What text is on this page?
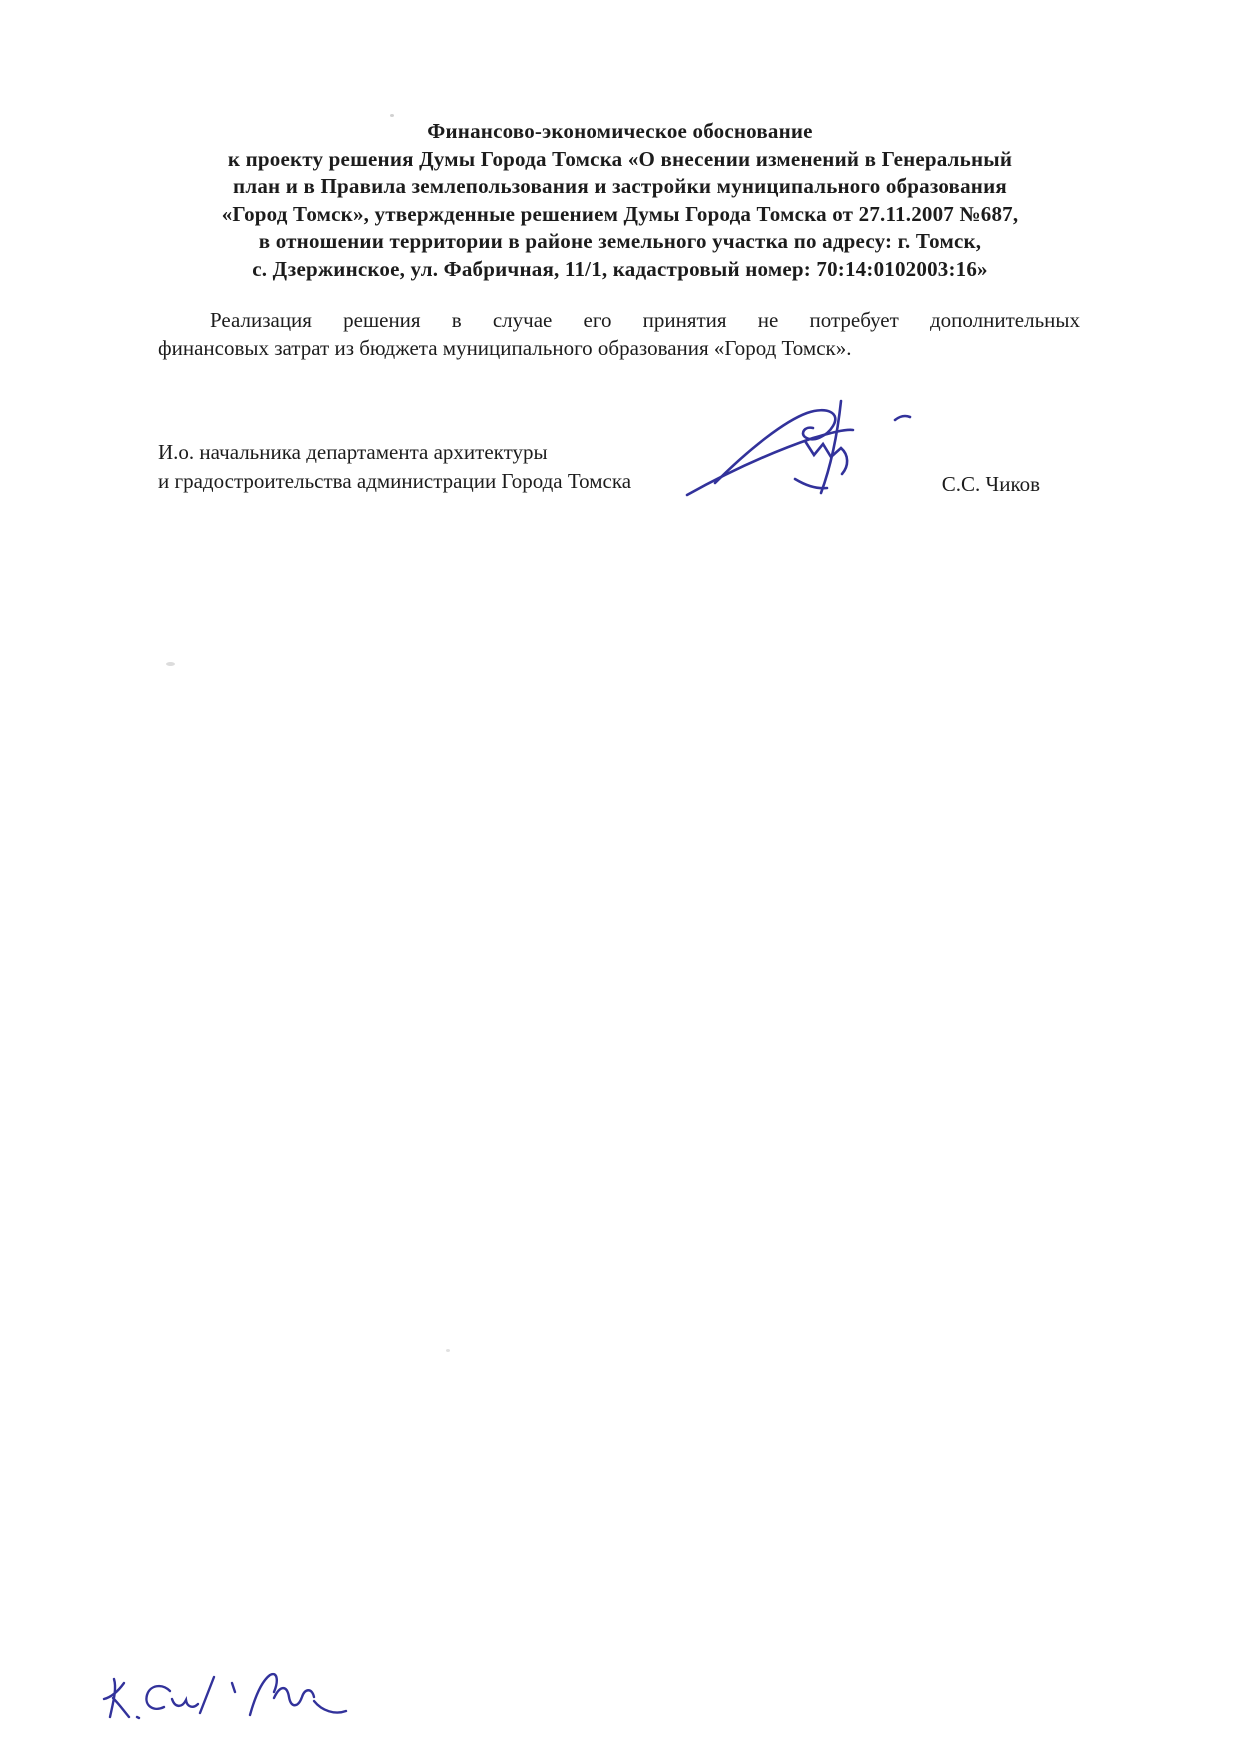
Финансово-экономическое обоснование
к проекту решения Думы Города Томска «О внесении изменений в Генеральный
план и в Правила землепользования и застройки муниципального образования
«Город Томск», утвержденные решением Думы Города Томска от 27.11.2007 №687,
в отношении территории в районе земельного участка по адресу: г. Томск,
с. Дзержинское, ул. Фабричная, 11/1, кадастровый номер: 70:14:0102003:16»
Реализация решения в случае его принятия не потребует дополнительных
финансовых затрат из бюджета муниципального образования «Город Томск».
И.о. начальника департамента архитектуры
и градостроительства администрации Города Томска	С.С. Чиков
